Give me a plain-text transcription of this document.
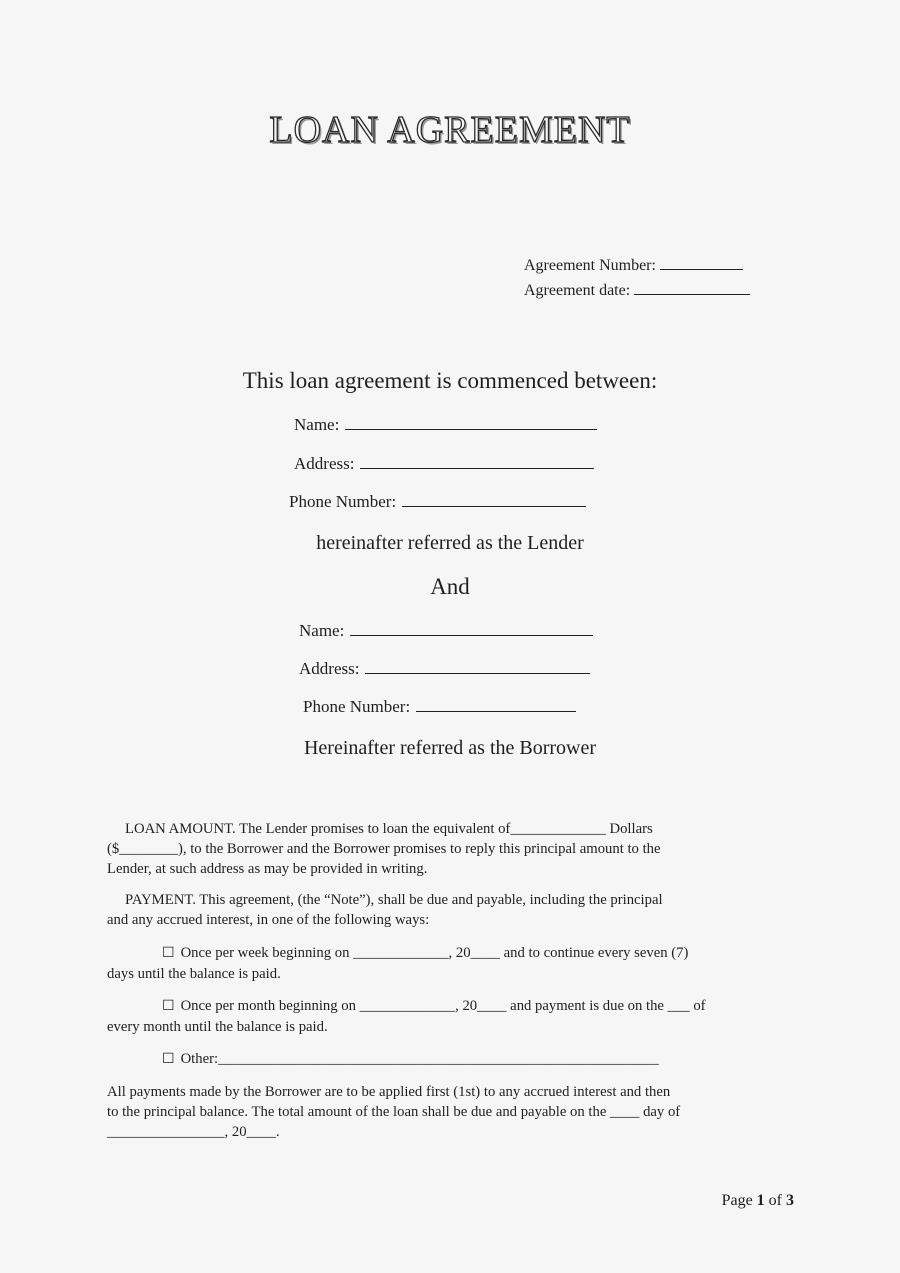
LOAN AGREEMENT
Agreement Number:
Agreement date:
This loan agreement is commenced between:
Name:
Address:
Phone Number:
hereinafter referred as the Lender
And
Name:
Address:
Phone Number:
Hereinafter referred as the Borrower
LOAN AMOUNT. The Lender promises to loan the equivalent of_____________ Dollars
($________), to the Borrower and the Borrower promises to reply this principal amount to the
Lender, at such address as may be provided in writing.
PAYMENT. This agreement, (the “Note”), shall be due and payable, including the principal
and any accrued interest, in one of the following ways:
☐ Once per week beginning on _____________, 20____ and to continue every seven (7)
days until the balance is paid.
☐ Once per month beginning on _____________, 20____ and payment is due on the ___ of
every month until the balance is paid.
☐ Other:____________________________________________________________
All payments made by the Borrower are to be applied first (1st) to any accrued interest and then
to the principal balance. The total amount of the loan shall be due and payable on the ____ day of
________________, 20____.
Page 1 of 3
